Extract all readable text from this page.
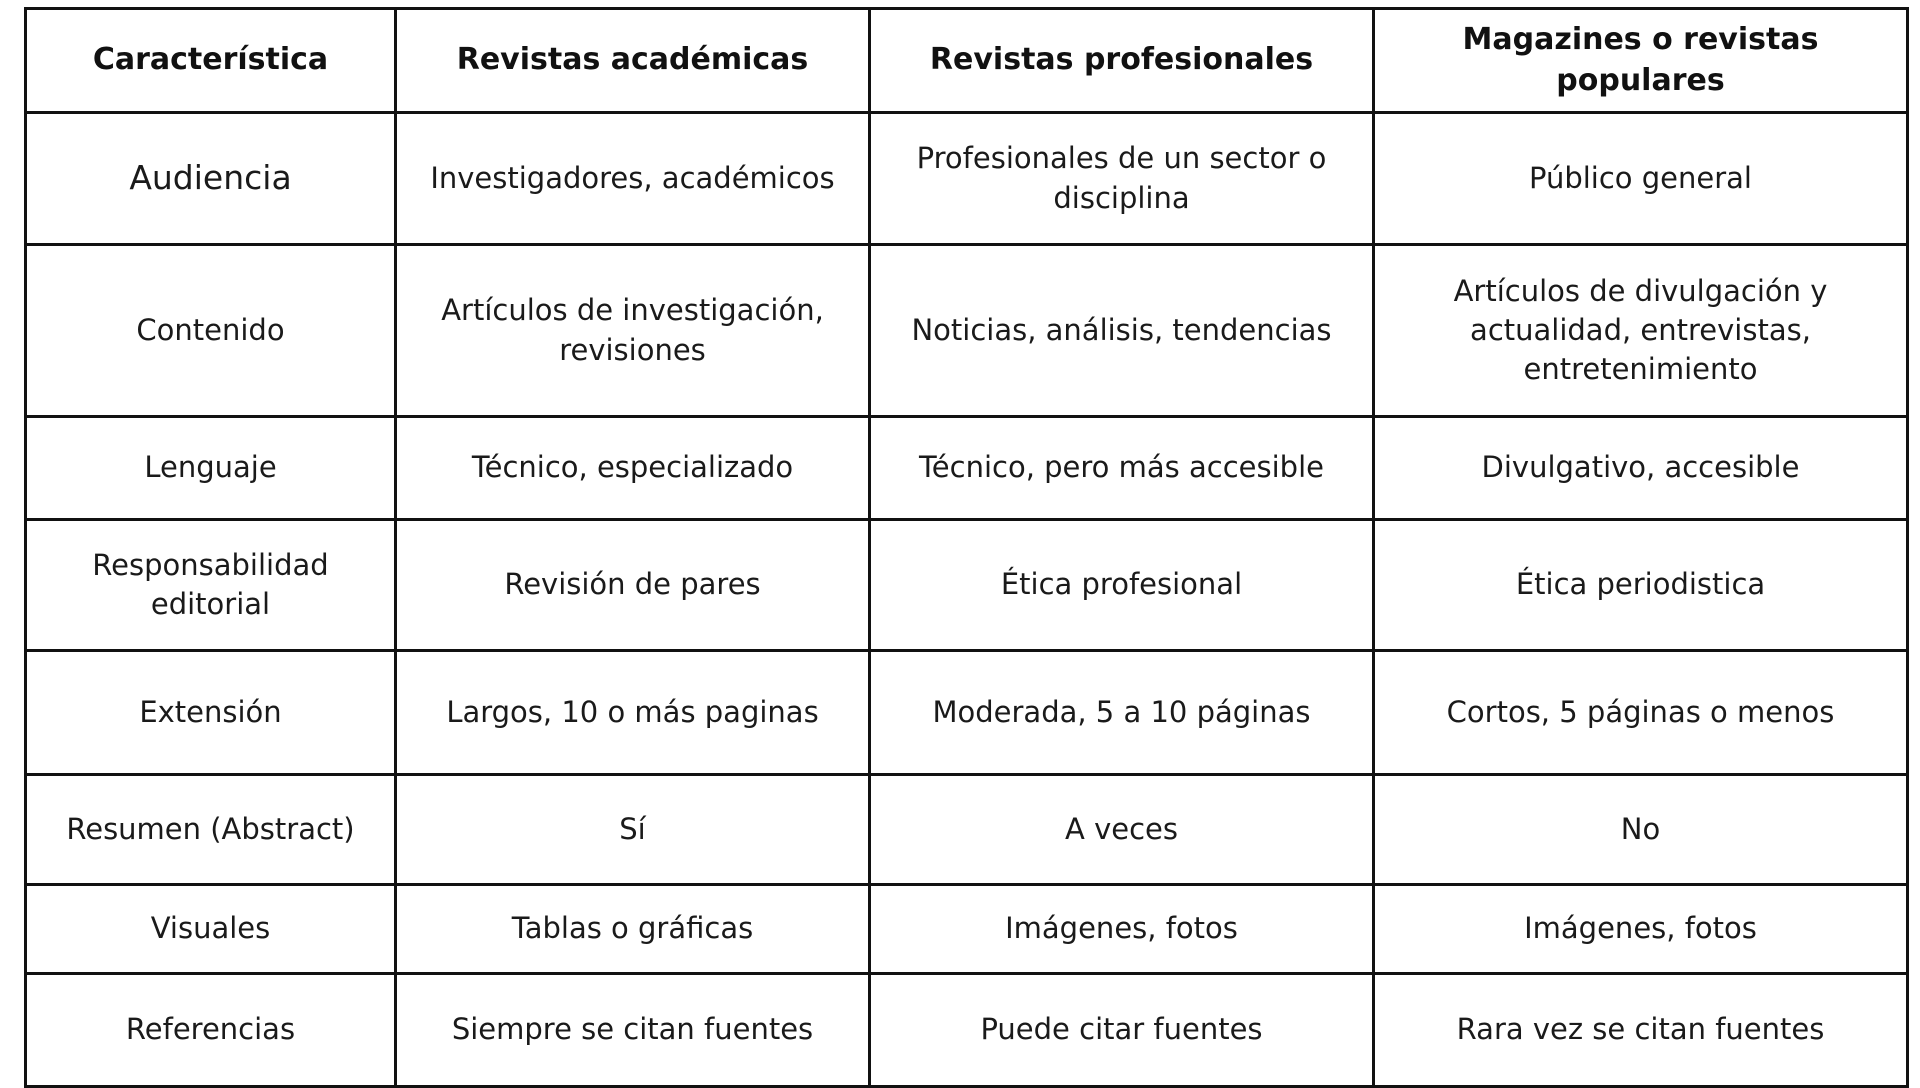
Característica	Revistas académicas	Revistas profesionales	Magazines o revistas populares
Audiencia	Investigadores, académicos	Profesionales de un sector o disciplina	Público general
Contenido	Artículos de investigación, revisiones	Noticias, análisis, tendencias	Artículos de divulgación y actualidad, entrevistas, entretenimiento
Lenguaje	Técnico, especializado	Técnico, pero más accesible	Divulgativo, accesible
Responsabilidad editorial	Revisión de pares	Ética profesional	Ética periodistica
Extensión	Largos, 10 o más paginas	Moderada, 5 a 10 páginas	Cortos, 5 páginas o menos
Resumen (Abstract)	Sí	A veces	No
Visuales	Tablas o gráficas	Imágenes, fotos	Imágenes, fotos
Referencias	Siempre se citan fuentes	Puede citar fuentes	Rara vez se citan fuentes
